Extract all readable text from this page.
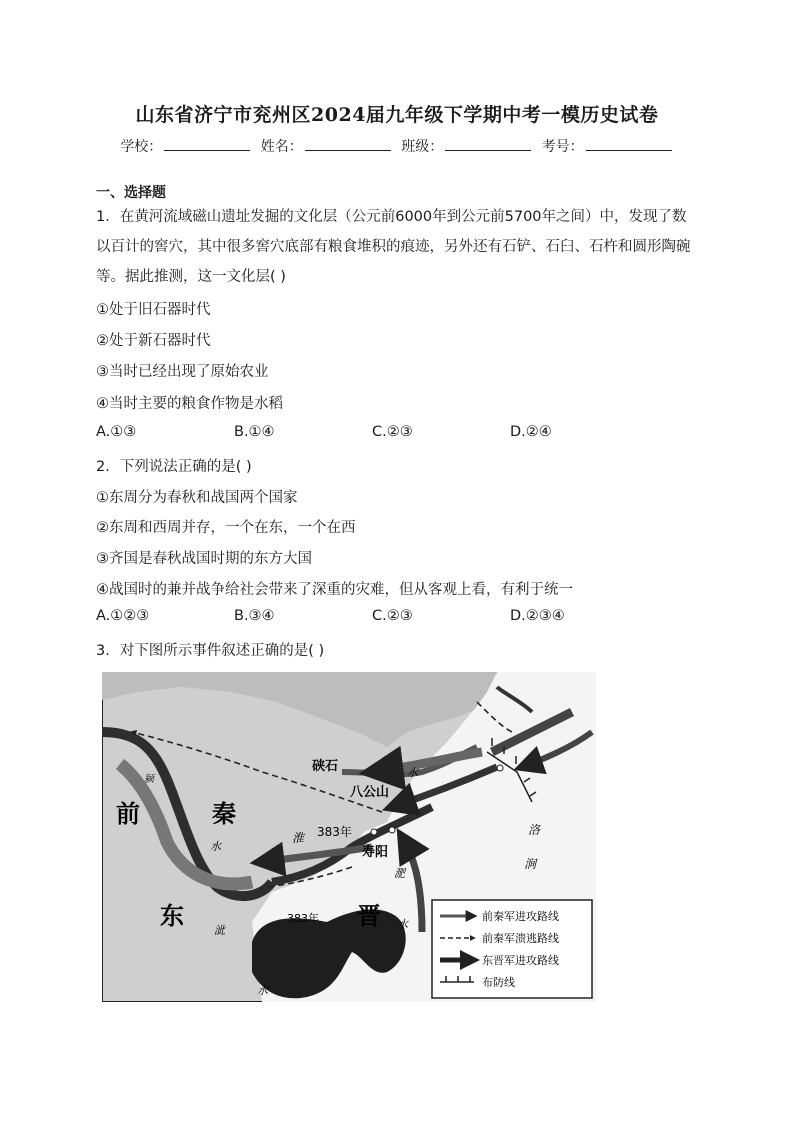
山东省济宁市兖州区2024届九年级下学期中考一模历史试卷
学校：	姓名：	班级：	考号：
一、选择题
1．在黄河流域磁山遗址发掘的文化层（公元前6000年到公元前5700年之间）中，发现了数以百计的窖穴，其中很多窖穴底部有粮食堆积的痕迹，另外还有石铲、石臼、石杵和圆形陶碗等。据此推测，这一文化层( )
①处于旧石器时代
②处于新石器时代
③当时已经出现了原始农业
④当时主要的粮食作物是水稻
A.①③	B.①④	C.②③	D.②④
2．下列说法正确的是( )
①东周分为春秋和战国两个国家
②东周和西周并存，一个在东，一个在西
③齐国是春秋战国时期的东方大国
④战国时的兼并战争给社会带来了深重的灾难，但从客观上看，有利于统一
A.①②③	B.③④	C.②③	D.②③④
3．对下图所示事件叙述正确的是( )
前	秦
东	晋
硖石
八公山
寿阳
383年
383年
淮
水
水
水
水
淝
洛
涧
泚
颍
前秦军进攻路线
前秦军溃逃路线
东晋军进攻路线
布防线
